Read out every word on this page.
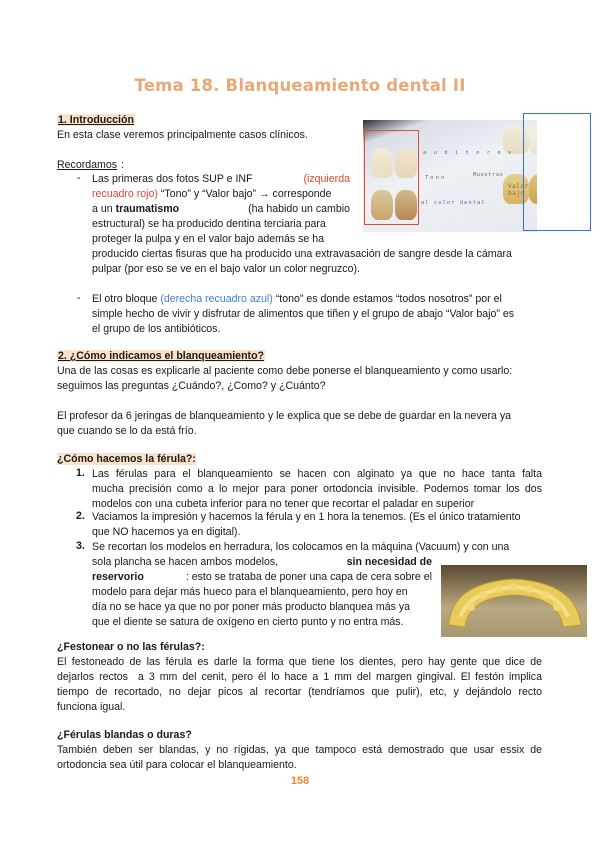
Tema 18. Blanqueamiento dental II
1. Introducción
En esta clase veremos principalmente casos clínicos.
Recordamos :
- Las primeras dos fotos SUP e INF	(izquierda
recuadro rojo) “Tono” y “Valor bajo” → corresponde
a un traumatismo	(ha habido un cambio
estructural) se ha producido dentina terciaria para
proteger la pulpa y en el valor bajo además se ha
producido ciertas fisuras que ha producido una extravasación de sangre desde la cámara
pulpar (por eso se ve en el bajo valor un color negruzco).
- El otro bloque (derecha recuadro azul) “tono” es donde estamos “todos nosotros” por el
simple hecho de vivir y disfrutar de alimentos que tiñen y el grupo de abajo “Valor bajo” es
el grupo de los antibióticos.
a u d i t o r e s
Tono	Muestras
al color dental
Valor bajo
2. ¿Cómo indicamos el blanqueamiento?
Una de las cosas es explicarle al paciente como debe ponerse el blanqueamiento y como usarlo:
seguimos las preguntas ¿Cuándo?, ¿Como? y ¿Cuánto?
El profesor da 6 jeringas de blanqueamiento y le explica que se debe de guardar en la nevera ya
que cuando se lo da está frío.
¿Cómo hacemos la férula?:
1. Las férulas para el blanqueamiento se hacen con alginato ya que no hace tanta falta
mucha precisión como a lo mejor para poner ortodoncia invisible. Podemos tomar los dos
modelos con una cubeta inferior para no tener que recortar el paladar en superior
2. Vaciamos la impresión y hacemos la férula y en 1 hora la tenemos. (Es el único tratamiento
que NO hacemos ya en digital).
3. Se recortan los modelos en herradura, los colocamos en la máquina (Vacuum) y con una
sola plancha se hacen ambos modelos,	sin necesidad de
reservorio	: esto se trataba de poner una capa de cera sobre el
modelo para dejar más hueco para el blanqueamiento, pero hoy en
día no se hace ya que no por poner más producto blanquea más ya
que el diente se satura de oxígeno en cierto punto y no entra más.
¿Festonear o no las férulas?:
El festoneado de las férula es darle la forma que tiene los dientes, pero hay gente que dice de
dejarlos rectos  a 3 mm del cenit, pero él lo hace a 1 mm del margen gingival. El festón implica
tiempo de recortado, no dejar picos al recortar (tendríamos que pulir), etc, y dejándolo recto
funciona igual.
¿Férulas blandas o duras?
También deben ser blandas, y no rígidas, ya que tampoco está demostrado que usar essix de
ortodoncia sea útil para colocar el blanqueamiento.
158
